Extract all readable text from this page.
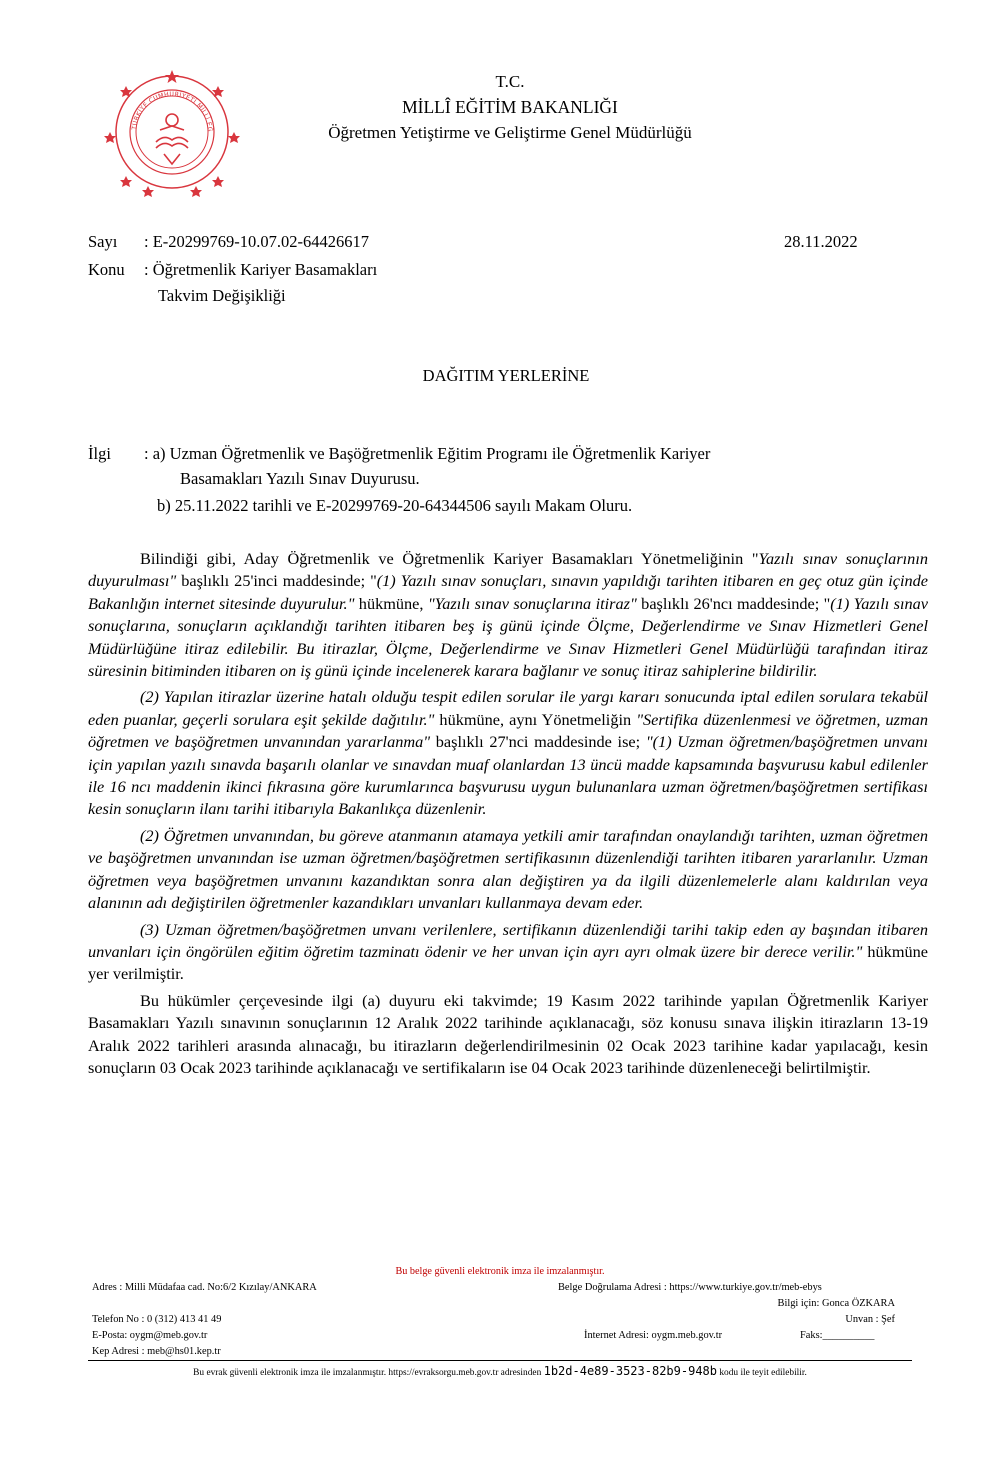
TÜRKİYE CUMHURİYETİ MİLLÎ EĞ
T.C.
MİLLÎ EĞİTİM BAKANLIĞI
Öğretmen Yetiştirme ve Geliştirme Genel Müdürlüğü
Sayı : E-20299769-10.07.02-64426617	28.11.2022
Konu : Öğretmenlik Kariyer Basamakları
Takvim Değişikliği
DAĞITIM YERLERİNE
İlgi : a) Uzman Öğretmenlik ve Başöğretmenlik Eğitim Programı ile Öğretmenlik Kariyer
Basamakları Yazılı Sınav Duyurusu.
b) 25.11.2022 tarihli ve E-20299769-20-64344506 sayılı Makam Oluru.

Bilindiği gibi, Aday Öğretmenlik ve Öğretmenlik Kariyer Basamakları Yönetmeliğinin "Yazılı sınav sonuçlarının duyurulması" başlıklı 25'inci maddesinde; "(1) Yazılı sınav sonuçları, sınavın yapıldığı tarihten itibaren en geç otuz gün içinde Bakanlığın internet sitesinde duyurulur." hükmüne, "Yazılı sınav sonuçlarına itiraz" başlıklı 26'ncı maddesinde; "(1) Yazılı sınav sonuçlarına, sonuçların açıklandığı tarihten itibaren beş iş günü içinde Ölçme, Değerlendirme ve Sınav Hizmetleri Genel Müdürlüğüne itiraz edilebilir. Bu itirazlar, Ölçme, Değerlendirme ve Sınav Hizmetleri Genel Müdürlüğü tarafından itiraz süresinin bitiminden itibaren on iş günü içinde incelenerek karara bağlanır ve sonuç itiraz sahiplerine bildirilir.

(2) Yapılan itirazlar üzerine hatalı olduğu tespit edilen sorular ile yargı kararı sonucunda iptal edilen sorulara tekabül eden puanlar, geçerli sorulara eşit şekilde dağıtılır." hükmüne, aynı Yönetmeliğin "Sertifika düzenlenmesi ve öğretmen, uzman öğretmen ve başöğretmen unvanından yararlanma" başlıklı 27'nci maddesinde ise; "(1) Uzman öğretmen/başöğretmen unvanı için yapılan yazılı sınavda başarılı olanlar ve sınavdan muaf olanlardan 13 üncü madde kapsamında başvurusu kabul edilenler ile 16 ncı maddenin ikinci fıkrasına göre kurumlarınca başvurusu uygun bulunanlara uzman öğretmen/başöğretmen sertifikası kesin sonuçların ilanı tarihi itibarıyla Bakanlıkça düzenlenir.

(2) Öğretmen unvanından, bu göreve atanmanın atamaya yetkili amir tarafından onaylandığı tarihten, uzman öğretmen ve başöğretmen unvanından ise uzman öğretmen/başöğretmen sertifikasının düzenlendiği tarihten itibaren yararlanılır. Uzman öğretmen veya başöğretmen unvanını kazandıktan sonra alan değiştiren ya da ilgili düzenlemelerle alanı kaldırılan veya alanının adı değiştirilen öğretmenler kazandıkları unvanları kullanmaya devam eder.

(3) Uzman öğretmen/başöğretmen unvanı verilenlere, sertifikanın düzenlendiği tarihi takip eden ay başından itibaren unvanları için öngörülen eğitim öğretim tazminatı ödenir ve her unvan için ayrı ayrı olmak üzere bir derece verilir." hükmüne yer verilmiştir.

Bu hükümler çerçevesinde ilgi (a) duyuru eki takvimde; 19 Kasım 2022 tarihinde yapılan Öğretmenlik Kariyer Basamakları Yazılı sınavının sonuçlarının 12 Aralık 2022 tarihinde açıklanacağı, söz konusu sınava ilişkin itirazların 13-19 Aralık 2022 tarihleri arasında alınacağı, bu itirazların değerlendirilmesinin 02 Ocak 2023 tarihine kadar yapılacağı, kesin sonuçların 03 Ocak 2023 tarihinde açıklanacağı ve sertifikaların ise 04 Ocak 2023 tarihinde düzenleneceği belirtilmiştir.

Bu belge güvenli elektronik imza ile imzalanmıştır.
Adres : Milli Müdafaa cad. No:6/2 Kızılay/ANKARA	Belge Doğrulama Adresi : https://www.turkiye.gov.tr/meb-ebys
Bilgi için: Gonca ÖZKARA
Telefon No : 0 (312) 413 41 49	Unvan : Şef
E-Posta: oygm@meb.gov.tr	İnternet Adresi: oygm.meb.gov.tr	Faks:__________
Kep Adresi : meb@hs01.kep.tr
Bu evrak güvenli elektronik imza ile imzalanmıştır. https://evraksorgu.meb.gov.tr adresinden 1b2d-4e89-3523-82b9-948b kodu ile teyit edilebilir.
